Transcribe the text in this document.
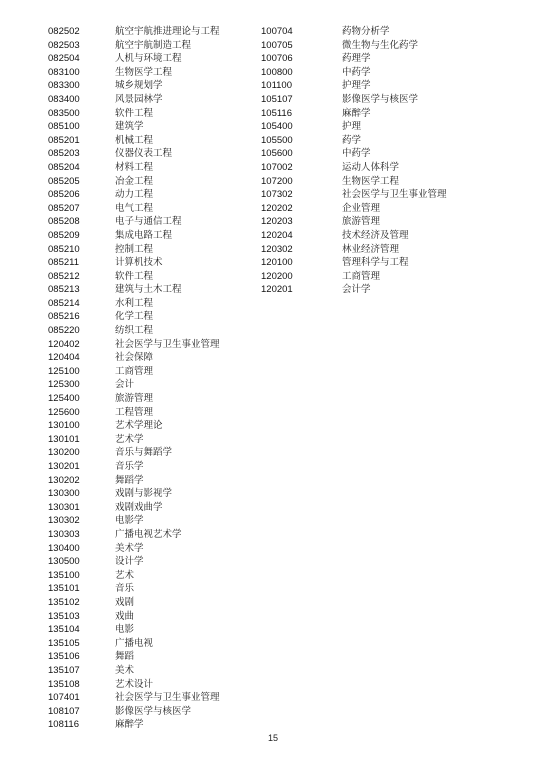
082502	航空宇航推进理论与工程
082503	航空宇航制造工程
082504	人机与环境工程
083100	生物医学工程
083300	城乡规划学
083400	风景园林学
083500	软件工程
085100	建筑学
085201	机械工程
085203	仪器仪表工程
085204	材料工程
085205	冶金工程
085206	动力工程
085207	电气工程
085208	电子与通信工程
085209	集成电路工程
085210	控制工程
085211	计算机技术
085212	软件工程
085213	建筑与土木工程
085214	水利工程
085216	化学工程
085220	纺织工程
120402	社会医学与卫生事业管理
120404	社会保障
125100	工商管理
125300	会计
125400	旅游管理
125600	工程管理
130100	艺术学理论
130101	艺术学
130200	音乐与舞蹈学
130201	音乐学
130202	舞蹈学
130300	戏剧与影视学
130301	戏剧戏曲学
130302	电影学
130303	广播电视艺术学
130400	美术学
130500	设计学
135100	艺术
135101	音乐
135102	戏剧
135103	戏曲
135104	电影
135105	广播电视
135106	舞蹈
135107	美术
135108	艺术设计
107401	社会医学与卫生事业管理
108107	影像医学与核医学
108116	麻醉学
100704	药物分析学
100705	微生物与生化药学
100706	药理学
100800	中药学
101100	护理学
105107	影像医学与核医学
105116	麻醉学
105400	护理
105500	药学
105600	中药学
107002	运动人体科学
107200	生物医学工程
107302	社会医学与卫生事业管理
120202	企业管理
120203	旅游管理
120204	技术经济及管理
120302	林业经济管理
120100	管理科学与工程
120200	工商管理
120201	会计学
15
